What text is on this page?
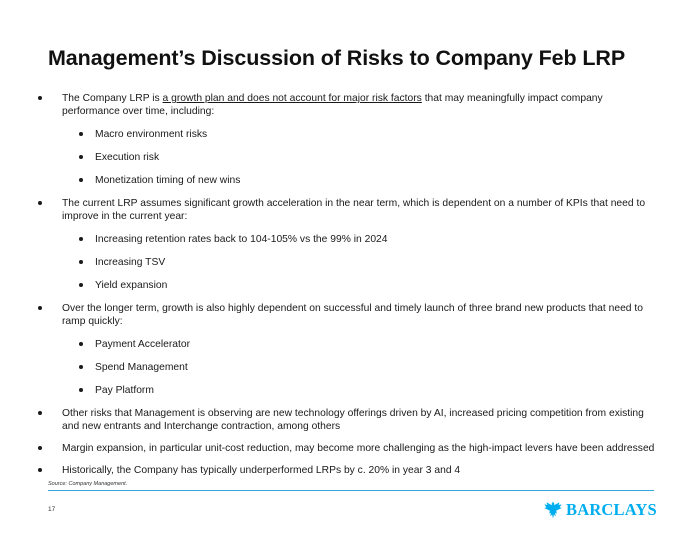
Management’s Discussion of Risks to Company Feb LRP
The Company LRP is a growth plan and does not account for major risk factors that may meaningfully impact company performance over time, including:
Macro environment risks
Execution risk
Monetization timing of new wins
The current LRP assumes significant growth acceleration in the near term, which is dependent on a number of KPIs that need to improve in the current year:
Increasing retention rates back to 104-105% vs the 99% in 2024
Increasing TSV
Yield expansion
Over the longer term, growth is also highly dependent on successful and timely launch of three brand new products that need to ramp quickly:
Payment Accelerator
Spend Management
Pay Platform
Other risks that Management is observing are new technology offerings driven by AI, increased pricing competition from existing and new entrants and Interchange contraction, among others
Margin expansion, in particular unit-cost reduction, may become more challenging as the high-impact levers have been addressed
Historically, the Company has typically underperformed LRPs by c. 20% in year 3 and 4
Source: Company Management.
17	BARCLAYS
